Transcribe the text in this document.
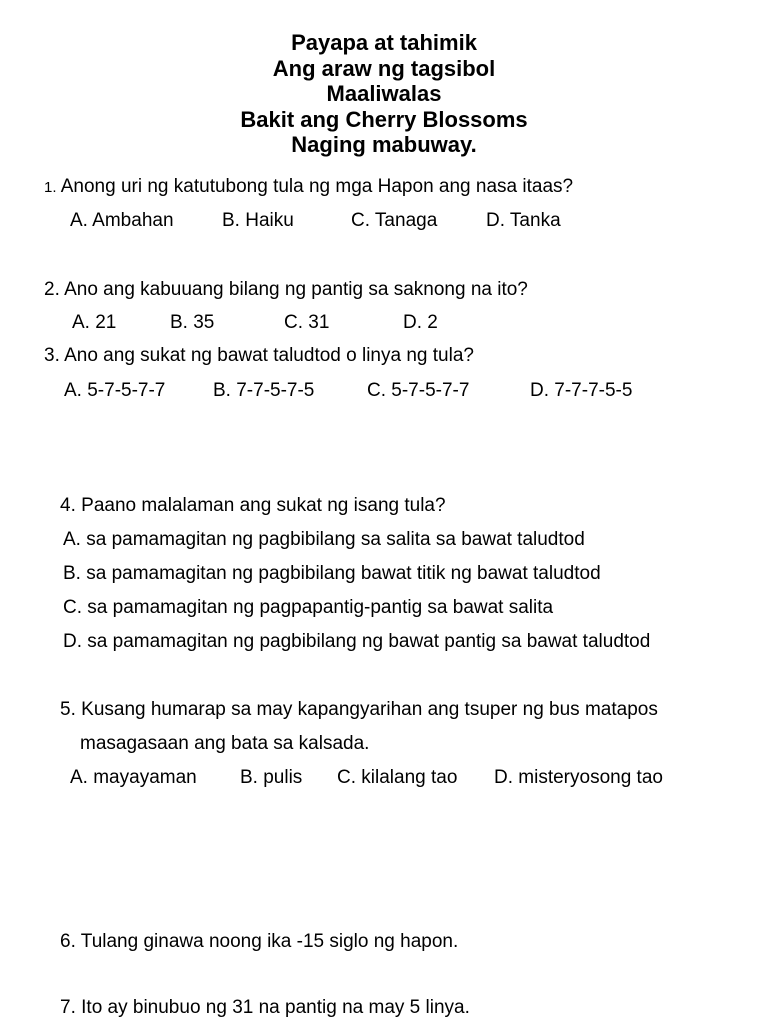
Payapa at tahimik
Ang araw ng tagsibol
Maaliwalas
Bakit ang Cherry Blossoms
Naging mabuway.
1. Anong uri ng katutubong tula ng mga Hapon ang nasa itaas?
A. Ambahan	B. Haiku	C. Tanaga	D. Tanka
2. Ano ang kabuuang bilang ng pantig sa saknong na ito?
A. 21	B. 35	C. 31	D. 2
3. Ano ang sukat ng bawat taludtod o linya ng tula?
A. 5-7-5-7-7	B. 7-7-5-7-5	C. 5-7-5-7-7	D. 7-7-7-5-5
4. Paano malalaman ang sukat ng isang tula?
A. sa pamamagitan ng pagbibilang sa salita sa bawat taludtod
B. sa pamamagitan ng pagbibilang bawat titik ng bawat taludtod
C. sa pamamagitan ng pagpapantig-pantig sa bawat salita
D. sa pamamagitan ng pagbibilang ng bawat pantig sa bawat taludtod
5. Kusang humarap sa may kapangyarihan ang tsuper ng bus matapos
masagasaan ang bata sa kalsada.
A. mayayaman B. pulis C. kilalang tao D. misteryosong tao
6. Tulang ginawa noong ika -15 siglo ng hapon.
7. Ito ay binubuo ng 31 na pantig na may 5 linya.
